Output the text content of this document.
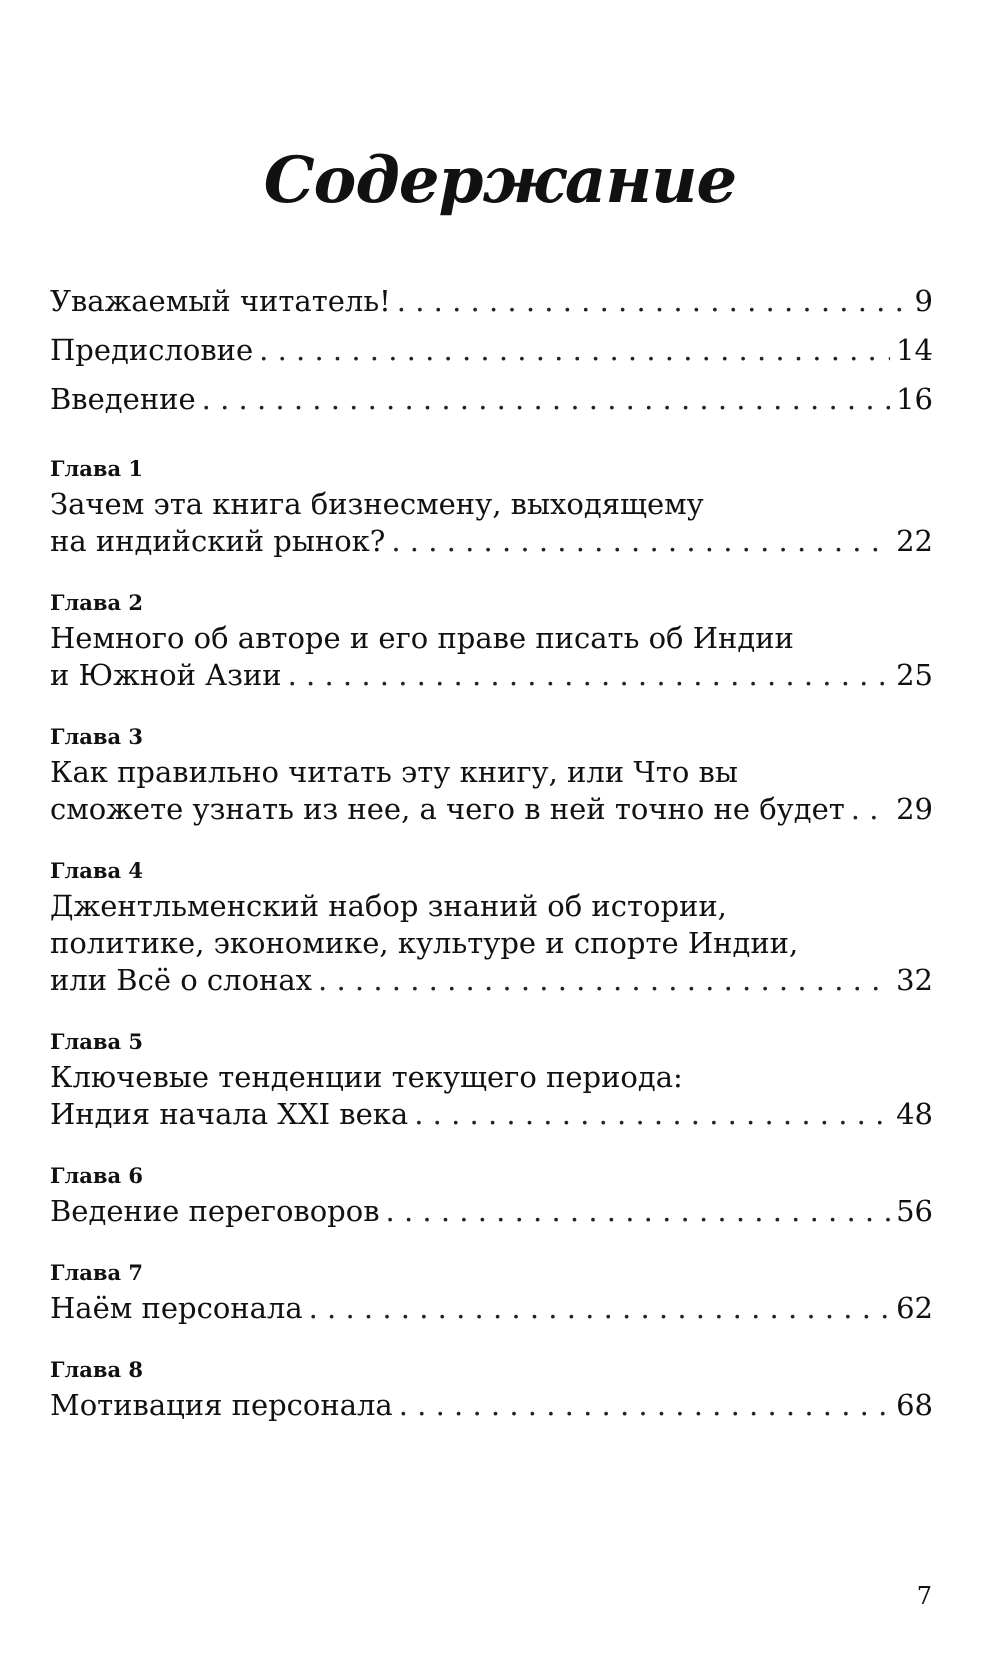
Содержание
Уважаемый читатель! . . .	9
Предисловие . . .	14
Введение . . .	16
Глава 1
Зачем эта книга бизнесмену, выходящему
на индийский рынок? . . .	22
Глава 2
Немного об авторе и его праве писать об Индии
и Южной Азии . . .	25
Глава 3
Как правильно читать эту книгу, или Что вы
сможете узнать из нее, а чего в ней точно не будет . . . 29
Глава 4
Джентльменский набор знаний об истории,
политике, экономике, культуре и спорте Индии,
или Всё о слонах . . .	32
Глава 5
Ключевые тенденции текущего периода:
Индия начала XXI века . . .	48
Глава 6
Ведение переговоров . . .	56
Глава 7
Наём персонала . . .	62
Глава 8
Мотивация персонала . . .	68
7
